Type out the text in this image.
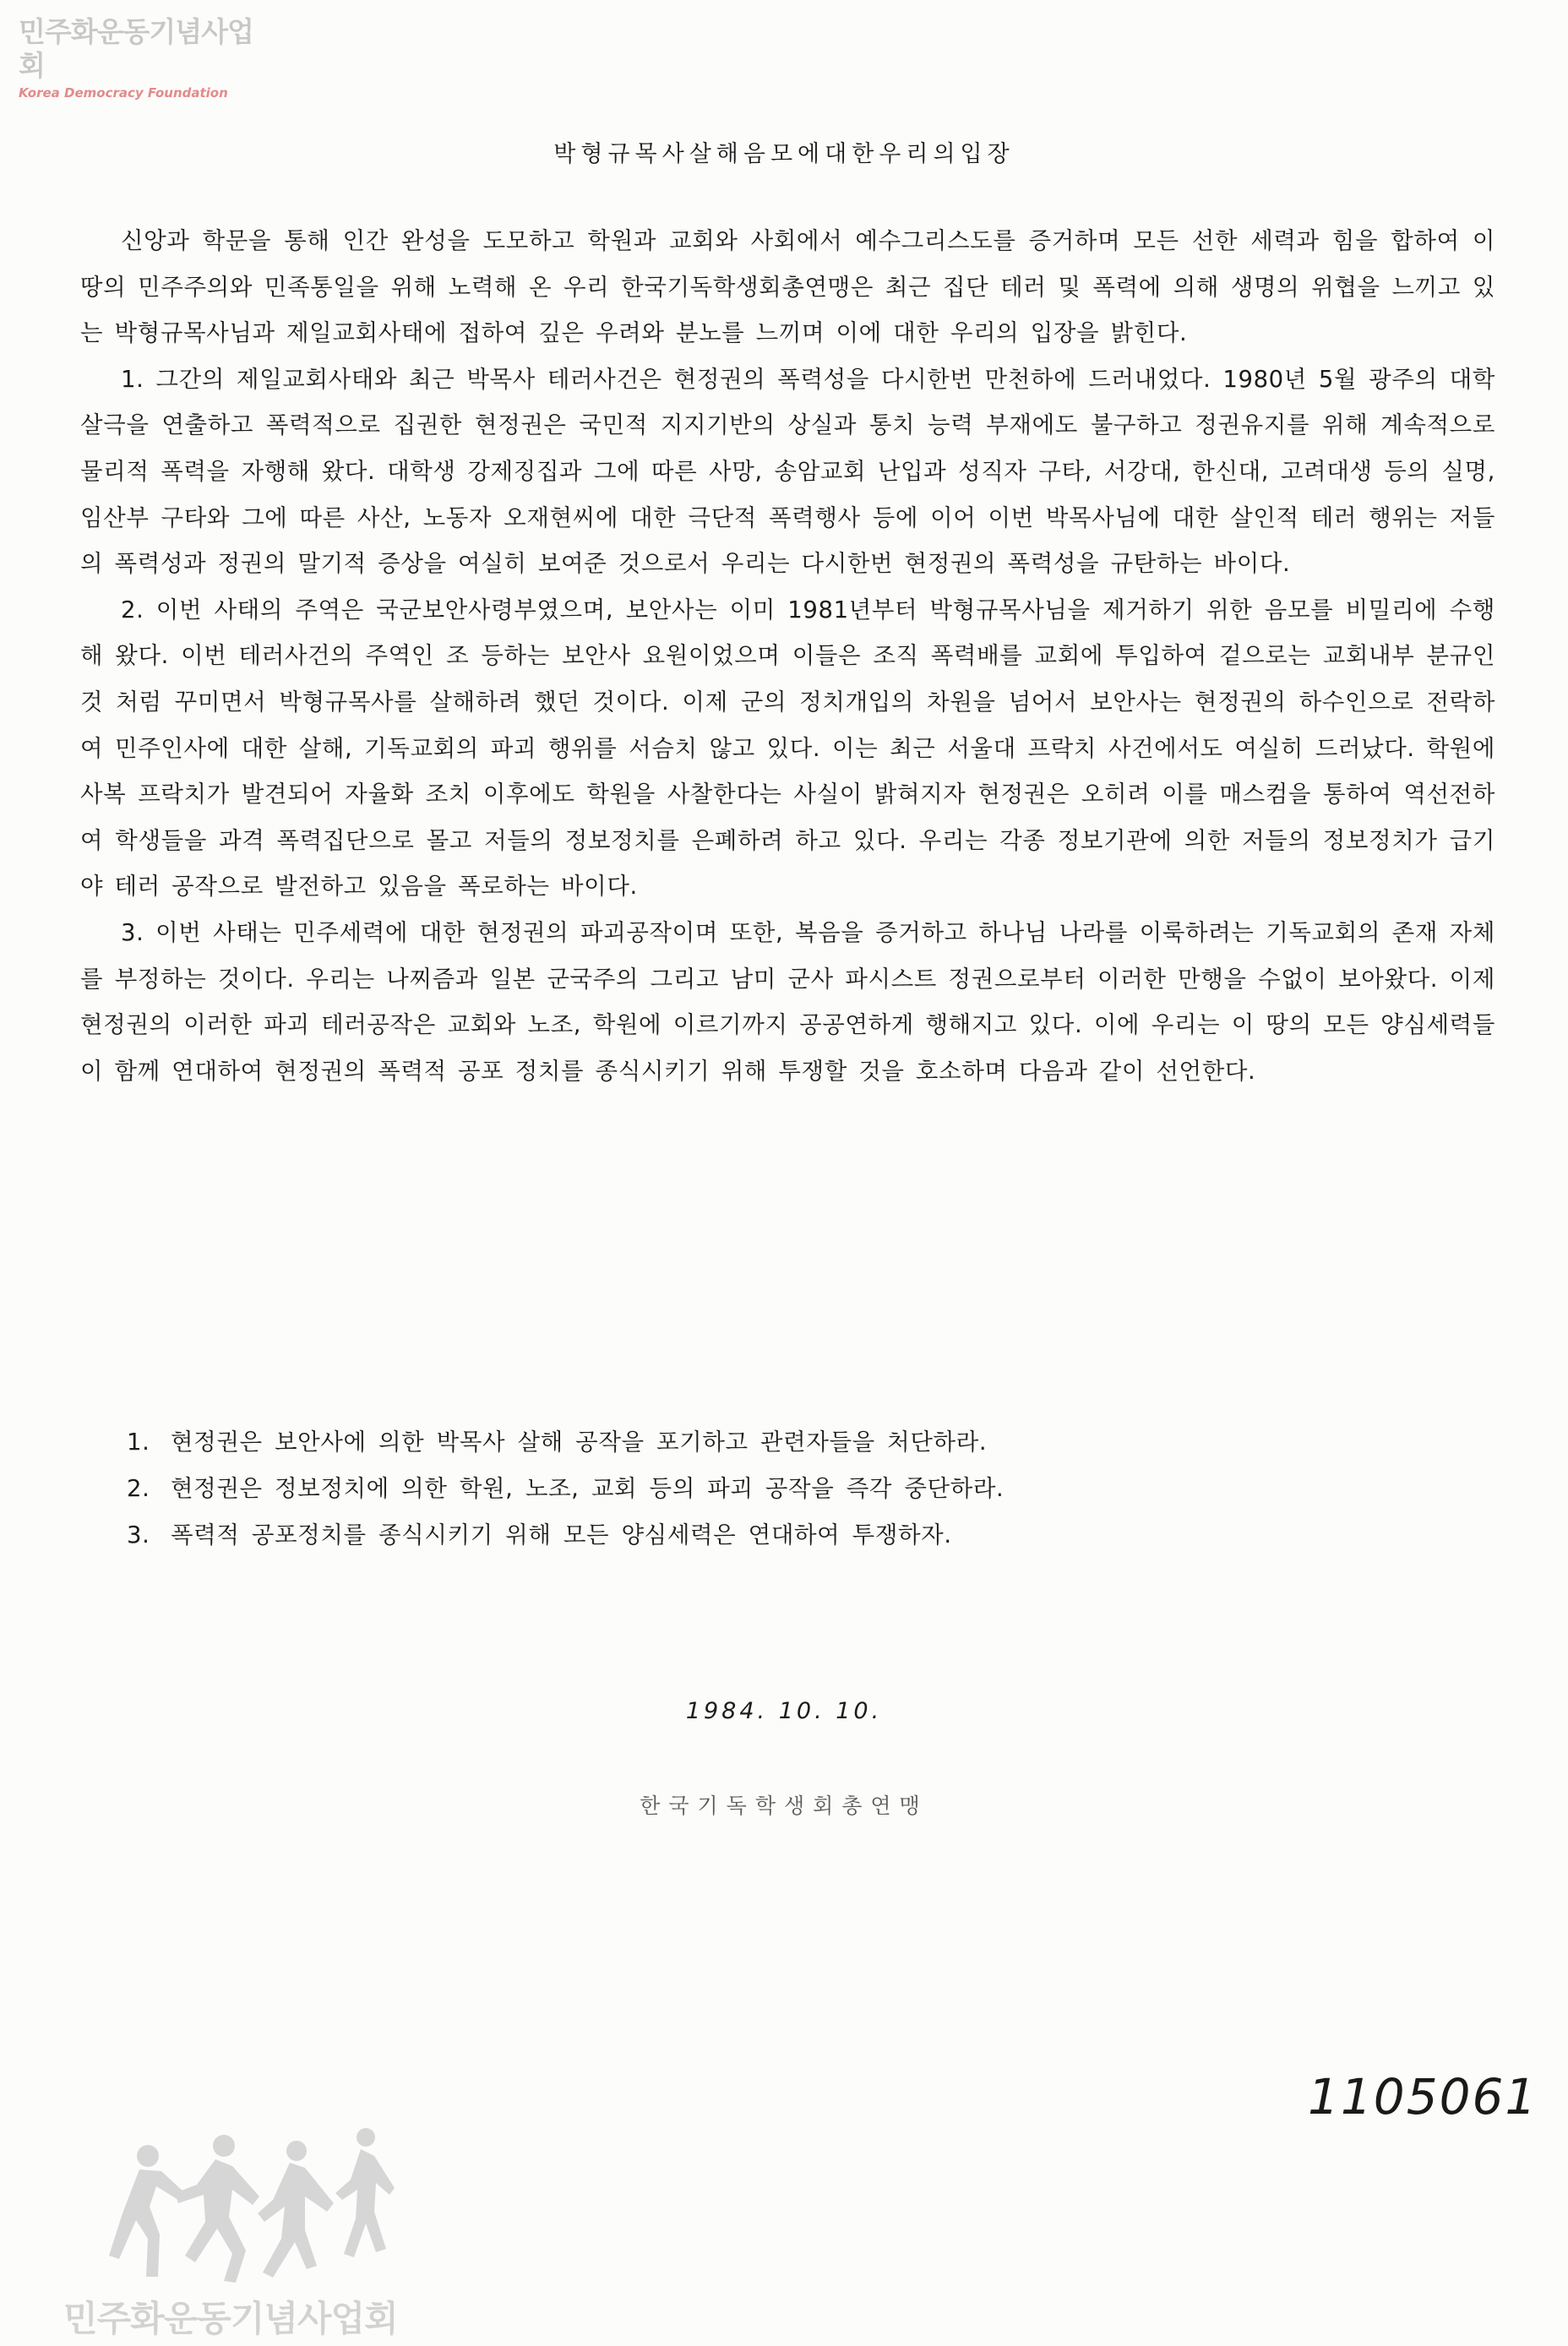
민주화운동기념사업회
Korea Democracy Foundation
박형규목사살해음모에대한우리의입장

신앙과 학문을 통해 인간 완성을 도모하고 학원과 교회와 사회에서 예수그리스도를 증거하며 모든 선한 세력과 힘을 합하여 이 땅의 민주주의와 민족통일을 위해 노력해 온 우리 한국기독학생회총연맹은 최근 집단 테러 및 폭력에 의해 생명의 위협을 느끼고 있는 박형규목사님과 제일교회사태에 접하여 깊은 우려와 분노를 느끼며 이에 대한 우리의 입장을 밝힌다.

1. 그간의 제일교회사태와 최근 박목사 테러사건은 현정권의 폭력성을 다시한번 만천하에 드러내었다. 1980년 5월 광주의 대학살극을 연출하고 폭력적으로 집권한 현정권은 국민적 지지기반의 상실과 통치 능력 부재에도 불구하고 정권유지를 위해 계속적으로 물리적 폭력을 자행해 왔다. 대학생 강제징집과 그에 따른 사망, 송암교회 난입과 성직자 구타, 서강대, 한신대, 고려대생 등의 실명, 임산부 구타와 그에 따른 사산, 노동자 오재현씨에 대한 극단적 폭력행사 등에 이어 이번 박목사님에 대한 살인적 테러 행위는 저들의 폭력성과 정권의 말기적 증상을 여실히 보여준 것으로서 우리는 다시한번 현정권의 폭력성을 규탄하는 바이다.

2. 이번 사태의 주역은 국군보안사령부였으며, 보안사는 이미 1981년부터 박형규목사님을 제거하기 위한 음모를 비밀리에 수행해 왔다. 이번 테러사건의 주역인 조 등하는 보안사 요원이었으며 이들은 조직 폭력배를 교회에 투입하여 겉으로는 교회내부 분규인것 처럼 꾸미면서 박형규목사를 살해하려 했던 것이다. 이제 군의 정치개입의 차원을 넘어서 보안사는 현정권의 하수인으로 전락하여 민주인사에 대한 살해, 기독교회의 파괴 행위를 서슴치 않고 있다. 이는 최근 서울대 프락치 사건에서도 여실히 드러났다. 학원에 사복 프락치가 발견되어 자율화 조치 이후에도 학원을 사찰한다는 사실이 밝혀지자 현정권은 오히려 이를 매스컴을 통하여 역선전하여 학생들을 과격 폭력집단으로 몰고 저들의 정보정치를 은폐하려 하고 있다. 우리는 각종 정보기관에 의한 저들의 정보정치가 급기야 테러 공작으로 발전하고 있음을 폭로하는 바이다.

3. 이번 사태는 민주세력에 대한 현정권의 파괴공작이며 또한, 복음을 증거하고 하나님 나라를 이룩하려는 기독교회의 존재 자체를 부정하는 것이다. 우리는 나찌즘과 일본 군국주의 그리고 남미 군사 파시스트 정권으로부터 이러한 만행을 수없이 보아왔다. 이제 현정권의 이러한 파괴 테러공작은 교회와 노조, 학원에 이르기까지 공공연하게 행해지고 있다. 이에 우리는 이 땅의 모든 양심세력들이 함께 연대하여 현정권의 폭력적 공포 정치를 종식시키기 위해 투쟁할 것을 호소하며 다음과 같이 선언한다.

1. 현정권은 보안사에 의한 박목사 살해 공작을 포기하고 관련자들을 처단하라.
2. 현정권은 정보정치에 의한 학원, 노조, 교회 등의 파괴 공작을 즉각 중단하라.
3. 폭력적 공포정치를 종식시키기 위해 모든 양심세력은 연대하여 투쟁하자.
1984. 10. 10.
한국기독학생회총연맹
1105061
민주화운동기념사업회
